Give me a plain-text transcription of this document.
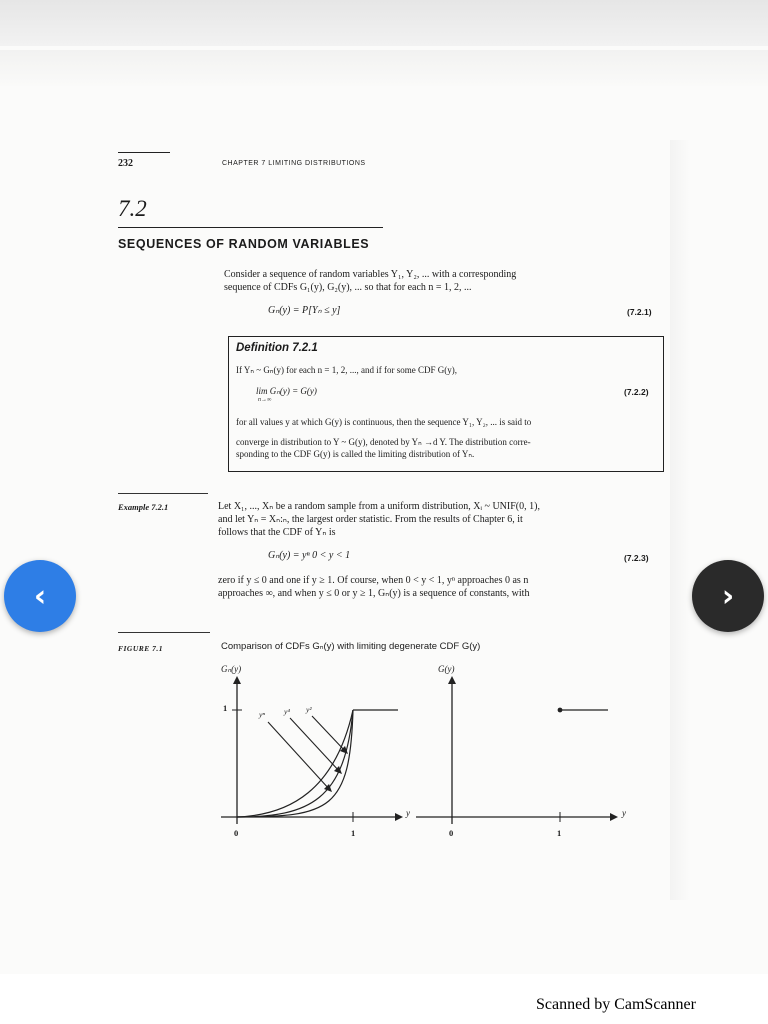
232	CHAPTER 7 LIMITING DISTRIBUTIONS
7.2
SEQUENCES OF RANDOM VARIABLES
Consider a sequence of random variables Y₁, Y₂, ... with a corresponding
sequence of CDFs G₁(y), G₂(y), ... so that for each n = 1, 2, ...
Gₙ(y) = P[Yₙ ≤ y]	(7.2.1)
Definition 7.2.1
If Yₙ ~ Gₙ(y) for each n = 1, 2, ..., and if for some CDF G(y),
lim Gₙ(y) = G(y)
n→∞
(7.2.2)
for all values y at which G(y) is continuous, then the sequence Y₁, Y₂, ... is said to
converge in distribution to Y ~ G(y), denoted by Yₙ →d Y. The distribution corre-
sponding to the CDF G(y) is called the limiting distribution of Yₙ.
Example 7.2.1	Let X₁, ..., Xₙ be a random sample from a uniform distribution, Xᵢ ~ UNIF(0, 1),
and let Yₙ = Xₙ:ₙ, the largest order statistic. From the results of Chapter 6, it
follows that the CDF of Yₙ is
Gₙ(y) = yⁿ 0 < y < 1	(7.2.3)
zero if y ≤ 0 and one if y ≥ 1. Of course, when 0 < y < 1, yⁿ approaches 0 as n
approaches ∞, and when y ≤ 0 or y ≥ 1, Gₙ(y) is a sequence of constants, with
FIGURE 7.1	Comparison of CDFs Gₙ(y) with limiting degenerate CDF G(y)
Gₙ(y)	G(y)
1
0	1
y
0	1
y
yⁿ	y⁴ y²
‹	›
Scanned by CamScanner
